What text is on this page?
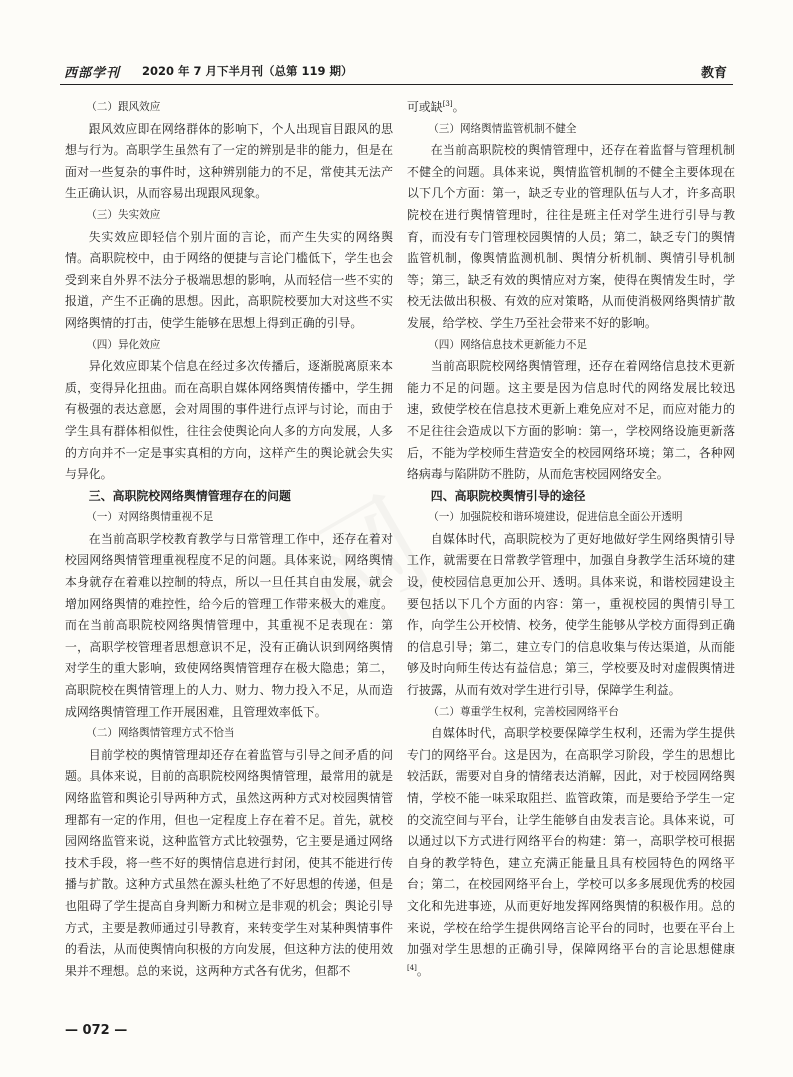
西部学刊 2020 年 7 月下半月刊（总第 119 期）	教育
（二）跟风效应

跟风效应即在网络群体的影响下，个人出现盲目跟风的思想与行为。高职学生虽然有了一定的辨别是非的能力，但是在面对一些复杂的事件时，这种辨别能力的不足，常使其无法产生正确认识，从而容易出现跟风现象。

（三）失实效应

失实效应即轻信个别片面的言论，而产生失实的网络舆情。高职院校中，由于网络的便捷与言论门槛低下，学生也会受到来自外界不法分子极端思想的影响，从而轻信一些不实的报道，产生不正确的思想。因此，高职院校要加大对这些不实网络舆情的打击，使学生能够在思想上得到正确的引导。

（四）异化效应

异化效应即某个信息在经过多次传播后，逐渐脱离原来本质，变得异化扭曲。而在高职自媒体网络舆情传播中，学生拥有极强的表达意愿，会对周围的事件进行点评与讨论，而由于学生具有群体相似性，往往会使舆论向人多的方向发展，人多的方向并不一定是事实真相的方向，这样产生的舆论就会失实与异化。

三、高职院校网络舆情管理存在的问题
（一）对网络舆情重视不足

在当前高职学校教育教学与日常管理工作中，还存在着对校园网络舆情管理重视程度不足的问题。具体来说，网络舆情本身就存在着难以控制的特点，所以一旦任其自由发展，就会增加网络舆情的难控性，给今后的管理工作带来极大的难度。而在当前高职院校网络舆情管理中，其重视不足表现在：第一，高职学校管理者思想意识不足，没有正确认识到网络舆情对学生的重大影响，致使网络舆情管理存在极大隐患；第二，高职院校在舆情管理上的人力、财力、物力投入不足，从而造成网络舆情管理工作开展困难，且管理效率低下。

（二）网络舆情管理方式不恰当

目前学校的舆情管理却还存在着监管与引导之间矛盾的问题。具体来说，目前的高职院校网络舆情管理，最常用的就是网络监管和舆论引导两种方式，虽然这两种方式对校园舆情管理都有一定的作用，但也一定程度上存在着不足。首先，就校园网络监管来说，这种监管方式比较强势，它主要是通过网络技术手段，将一些不好的舆情信息进行封闭，使其不能进行传播与扩散。这种方式虽然在源头杜绝了不好思想的传递，但是也阻碍了学生提高自身判断力和树立是非观的机会；舆论引导方式，主要是教师通过引导教育，来转变学生对某种舆情事件的看法，从而使舆情向积极的方向发展，但这种方法的使用效果并不理想。总的来说，这两种方式各有优劣，但都不

可或缺[3]。

（三）网络舆情监管机制不健全

在当前高职院校的舆情管理中，还存在着监督与管理机制不健全的问题。具体来说，舆情监管机制的不健全主要体现在以下几个方面：第一，缺乏专业的管理队伍与人才，许多高职院校在进行舆情管理时，往往是班主任对学生进行引导与教育，而没有专门管理校园舆情的人员；第二，缺乏专门的舆情监管机制，像舆情监测机制、舆情分析机制、舆情引导机制等；第三，缺乏有效的舆情应对方案，使得在舆情发生时，学校无法做出积极、有效的应对策略，从而使消极网络舆情扩散发展，给学校、学生乃至社会带来不好的影响。

（四）网络信息技术更新能力不足

当前高职院校网络舆情管理，还存在着网络信息技术更新能力不足的问题。这主要是因为信息时代的网络发展比较迅速，致使学校在信息技术更新上难免应对不足，而应对能力的不足往往会造成以下方面的影响：第一，学校网络设施更新落后，不能为学校师生营造安全的校园网络环境；第二，各种网络病毒与陷阱防不胜防，从而危害校园网络安全。

四、高职院校舆情引导的途径
（一）加强院校和谐环境建设，促进信息全面公开透明

自媒体时代，高职院校为了更好地做好学生网络舆情引导工作，就需要在日常教学管理中，加强自身教学生活环境的建设，使校园信息更加公开、透明。具体来说，和谐校园建设主要包括以下几个方面的内容：第一，重视校园的舆情引导工作，向学生公开校情、校务，使学生能够从学校方面得到正确的信息引导；第二，建立专门的信息收集与传达渠道，从而能够及时向师生传达有益信息；第三，学校要及时对虚假舆情进行披露，从而有效对学生进行引导，保障学生利益。

（二）尊重学生权利，完善校园网络平台

自媒体时代，高职学校要保障学生权利，还需为学生提供专门的网络平台。这是因为，在高职学习阶段，学生的思想比较活跃，需要对自身的情绪表达消解，因此，对于校园网络舆情，学校不能一味采取阻拦、监管政策，而是要给予学生一定的交流空间与平台，让学生能够自由发表言论。具体来说，可以通过以下方式进行网络平台的构建：第一，高职学校可根据自身的教学特色，建立充满正能量且具有校园特色的网络平台；第二，在校园网络平台上，学校可以多多展现优秀的校园文化和先进事迹，从而更好地发挥网络舆情的积极作用。总的来说，学校在给学生提供网络言论平台的同时，也要在平台上加强对学生思想的正确引导，保障网络平台的言论思想健康[4]。

— 072 —
